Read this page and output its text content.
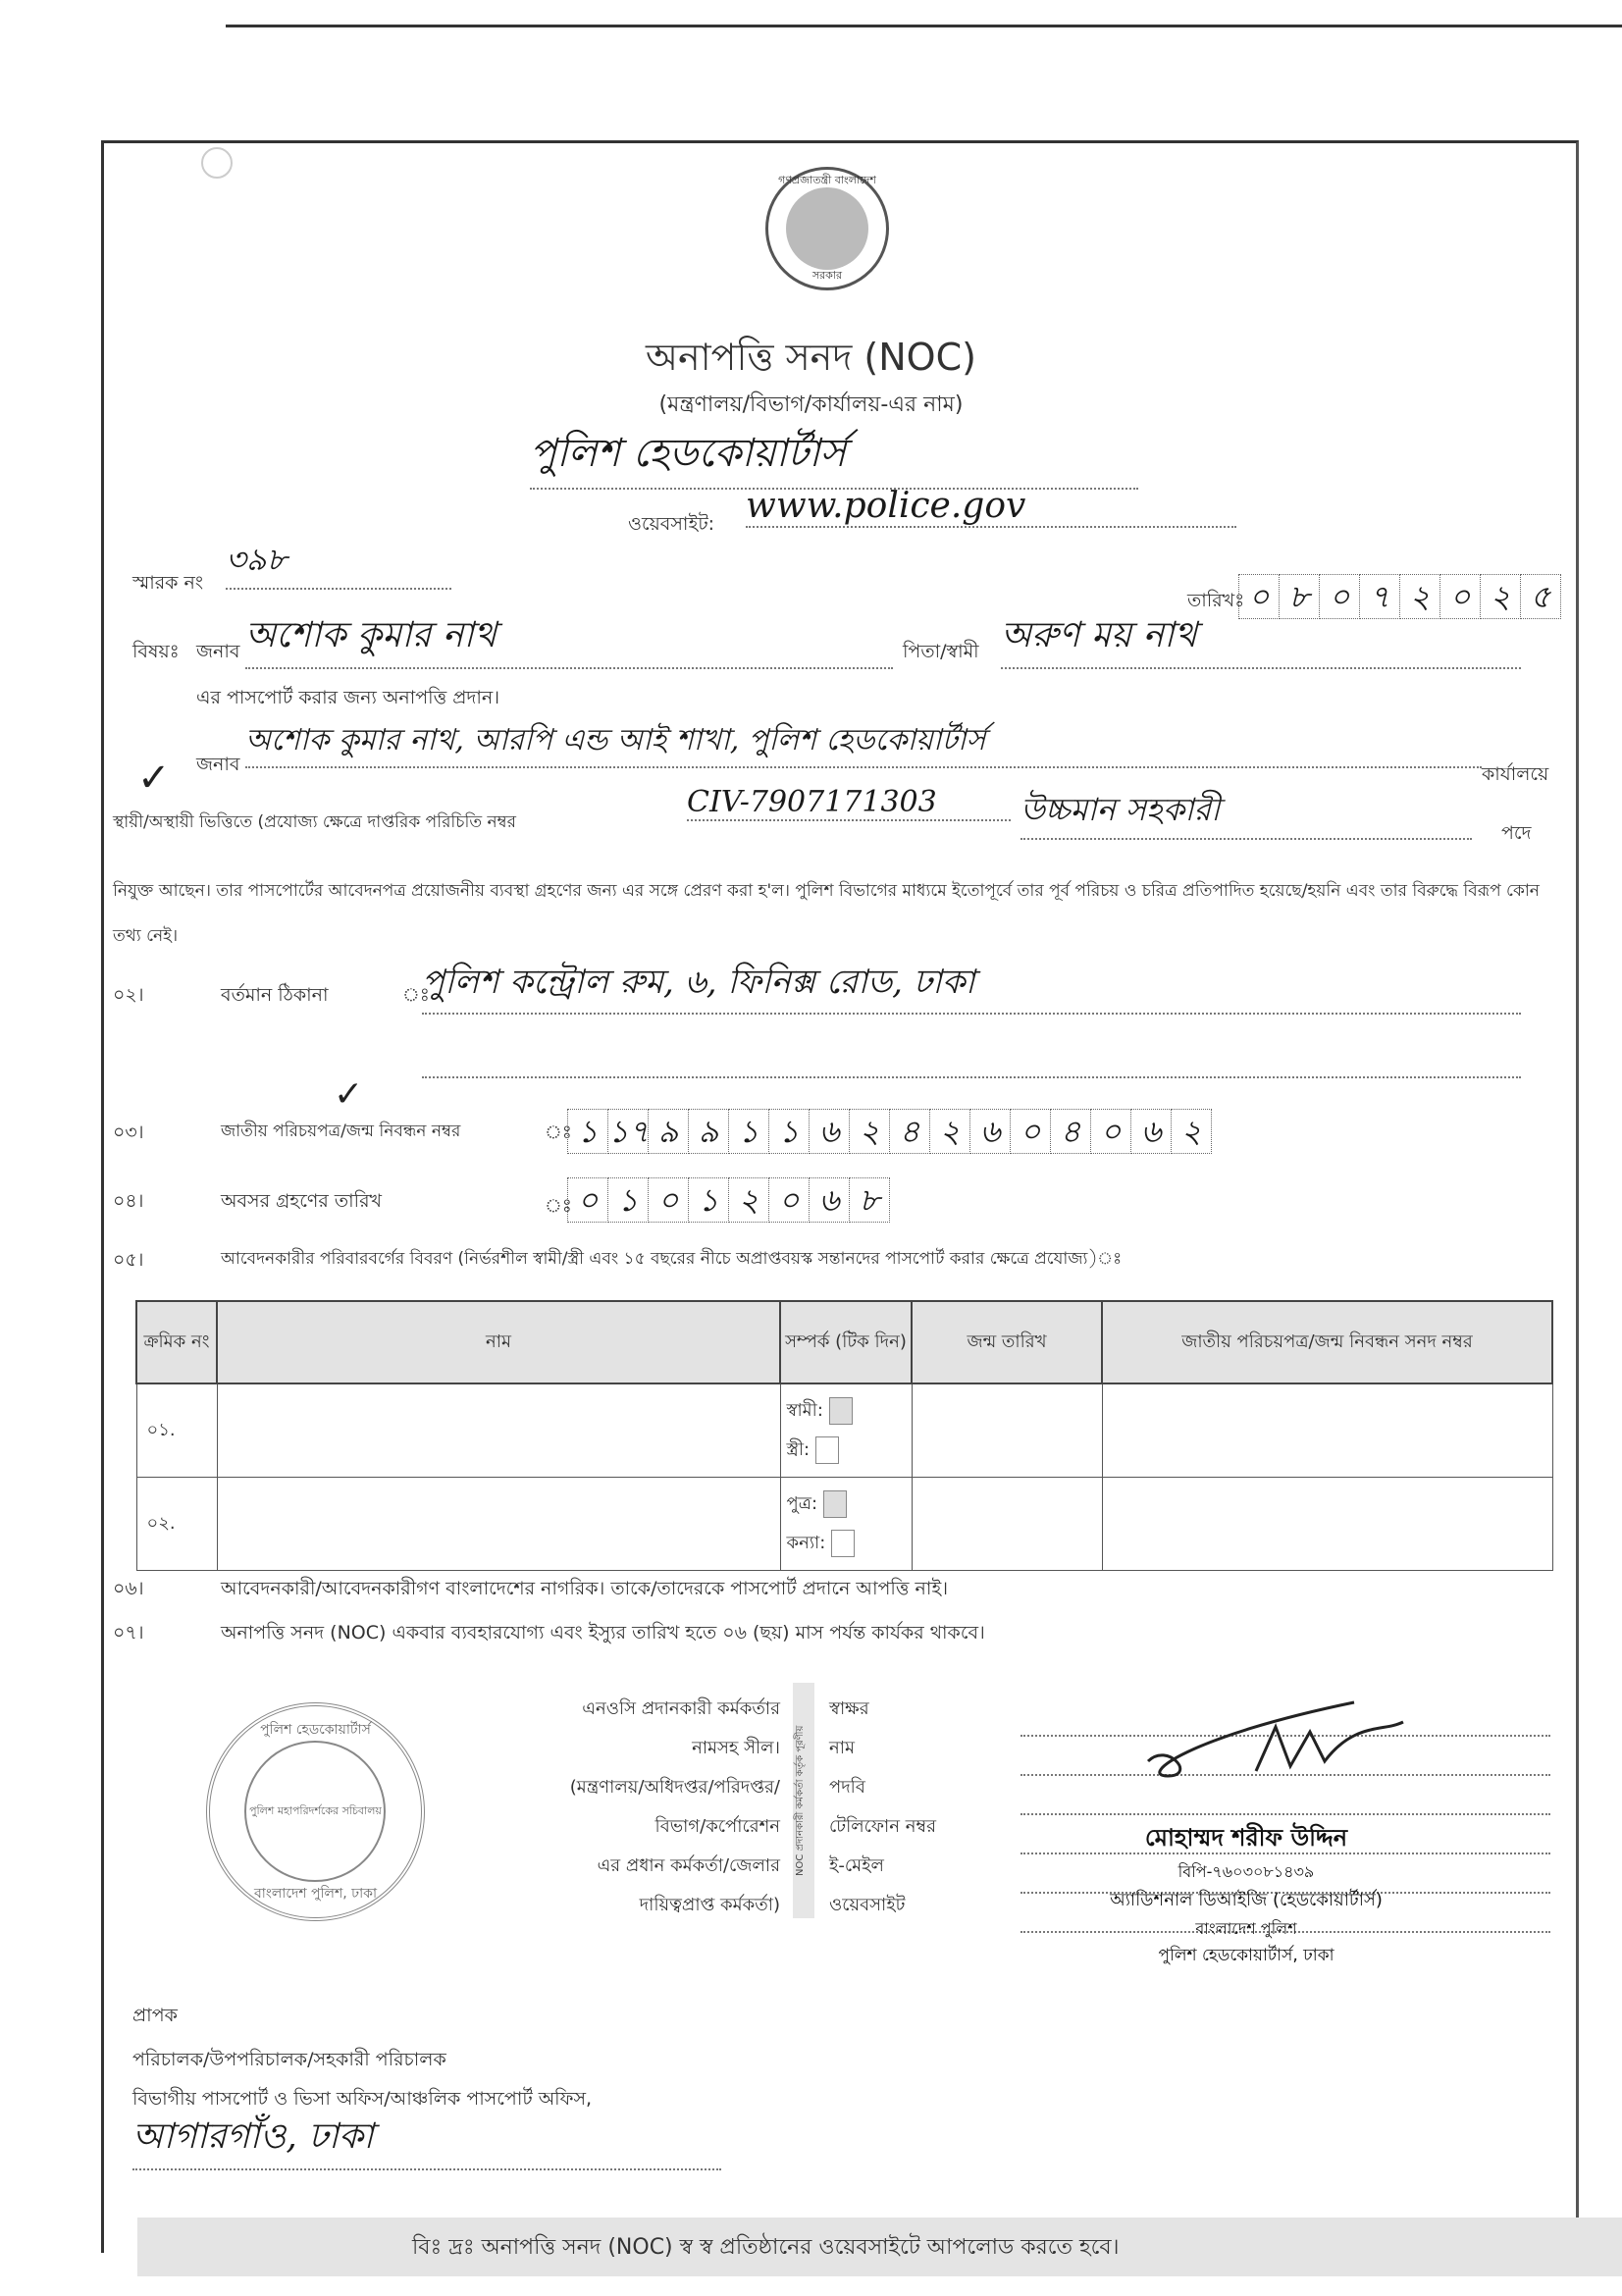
গণপ্রজাতন্ত্রী বাংলাদেশ
সরকার
অনাপত্তি সনদ (NOC)
(মন্ত্রণালয়/বিভাগ/কার্যালয়-এর নাম)
পুলিশ হেডকোয়ার্টার্স
ওয়েবসাইট: www.police.gov
স্মারক নং
৩৯৮
তারিখঃ ০ ৮ ০ ৭ ২ ০ ২ ৫
বিষয়ঃ জনাব অশোক কুমার নাথ	পিতা/স্বামী অরুণ ময় নাথ
এর পাসপোর্ট করার জন্য অনাপত্তি প্রদান।
জনাব
অশোক কুমার নাথ, আরপি এন্ড আই শাখা, পুলিশ হেডকোয়ার্টার্স
কার্যালয়ে
✓
স্থায়ী/অস্থায়ী ভিত্তিতে (প্রযোজ্য ক্ষেত্রে দাপ্তরিক পরিচিতি নম্বর
CIV-7907171303	উচ্চমান সহকারী
পদে
নিযুক্ত আছেন। তার পাসপোর্টের আবেদনপত্র প্রয়োজনীয় ব্যবস্থা গ্রহণের জন্য এর সঙ্গে প্রেরণ করা হ'ল। পুলিশ বিভাগের মাধ্যমে ইতোপূর্বে তার পূর্ব পরিচয় ও চরিত্র প্রতিপাদিত হয়েছে/হয়নি এবং তার বিরুদ্ধে বিরূপ কোন তথ্য নেই।
০২।	বর্তমান ঠিকানা	ঃ
পুলিশ কন্ট্রোল রুম, ৬, ফিনিক্স রোড, ঢাকা
✓
০৩।	জাতীয় পরিচয়পত্র/জন্ম নিবন্ধন নম্বর	ঃ ১ ১৭ ৯ ৯ ১ ১ ৬ ২ ৪ ২ ৬ ০ ৪ ০ ৬ ২
০৪।	অবসর গ্রহণের তারিখ	ঃ ০ ১ ০ ১ ২ ০ ৬ ৮
০৫।	আবেদনকারীর পরিবারবর্গের বিবরণ (নির্ভরশীল স্বামী/স্ত্রী এবং ১৫ বছরের নীচে অপ্রাপ্তবয়স্ক সন্তানদের পাসপোর্ট করার ক্ষেত্রে প্রযোজ্য)ঃ
ক্রমিক নং	নাম	সম্পর্ক (টিক দিন)	জন্ম তারিখ	জাতীয় পরিচয়পত্র/জন্ম নিবন্ধন সনদ নম্বর
০১.		স্বামী:
স্ত্রী:		

০২.		পুত্র:
কন্যা:		

০৬।	আবেদনকারী/আবেদনকারীগণ বাংলাদেশের নাগরিক। তাকে/তাদেরকে পাসপোর্ট প্রদানে আপত্তি নাই।
০৭।	অনাপত্তি সনদ (NOC) একবার ব্যবহারযোগ্য এবং ইস্যুর তারিখ হতে ০৬ (ছয়) মাস পর্যন্ত কার্যকর থাকবে।
পুলিশ হেডকোয়ার্টার্স
পুলিশ মহাপরিদর্শকের সচিবালয়
বাংলাদেশ পুলিশ, ঢাকা
এনওসি প্রদানকারী কর্মকর্তার
নামসহ সীল।
(মন্ত্রণালয়/অধিদপ্তর/পরিদপ্তর/
বিভাগ/কর্পোরেশন
এর প্রধান কর্মকর্তা/জেলার
দায়িত্বপ্রাপ্ত কর্মকর্তা)
NOC প্রদানকারী কর্মকর্তা কর্তৃক পূরণীয়
স্বাক্ষর
নাম
পদবি
টেলিফোন নম্বর
ই-মেইল
ওয়েবসাইট
মোহাম্মদ শরীফ উদ্দিন
বিপি-৭৬০৩০৮১৪৩৯
অ্যাডিশনাল ডিআইজি (হেডকোয়ার্টার্স)
বাংলাদেশ পুলিশ
পুলিশ হেডকোয়ার্টার্স, ঢাকা
প্রাপক
পরিচালক/উপপরিচালক/সহকারী পরিচালক
বিভাগীয় পাসপোর্ট ও ভিসা অফিস/আঞ্চলিক পাসপোর্ট অফিস,
আগারগাঁও, ঢাকা
বিঃ দ্রঃ অনাপত্তি সনদ (NOC) স্ব স্ব প্রতিষ্ঠানের ওয়েবসাইটে আপলোড করতে হবে।
